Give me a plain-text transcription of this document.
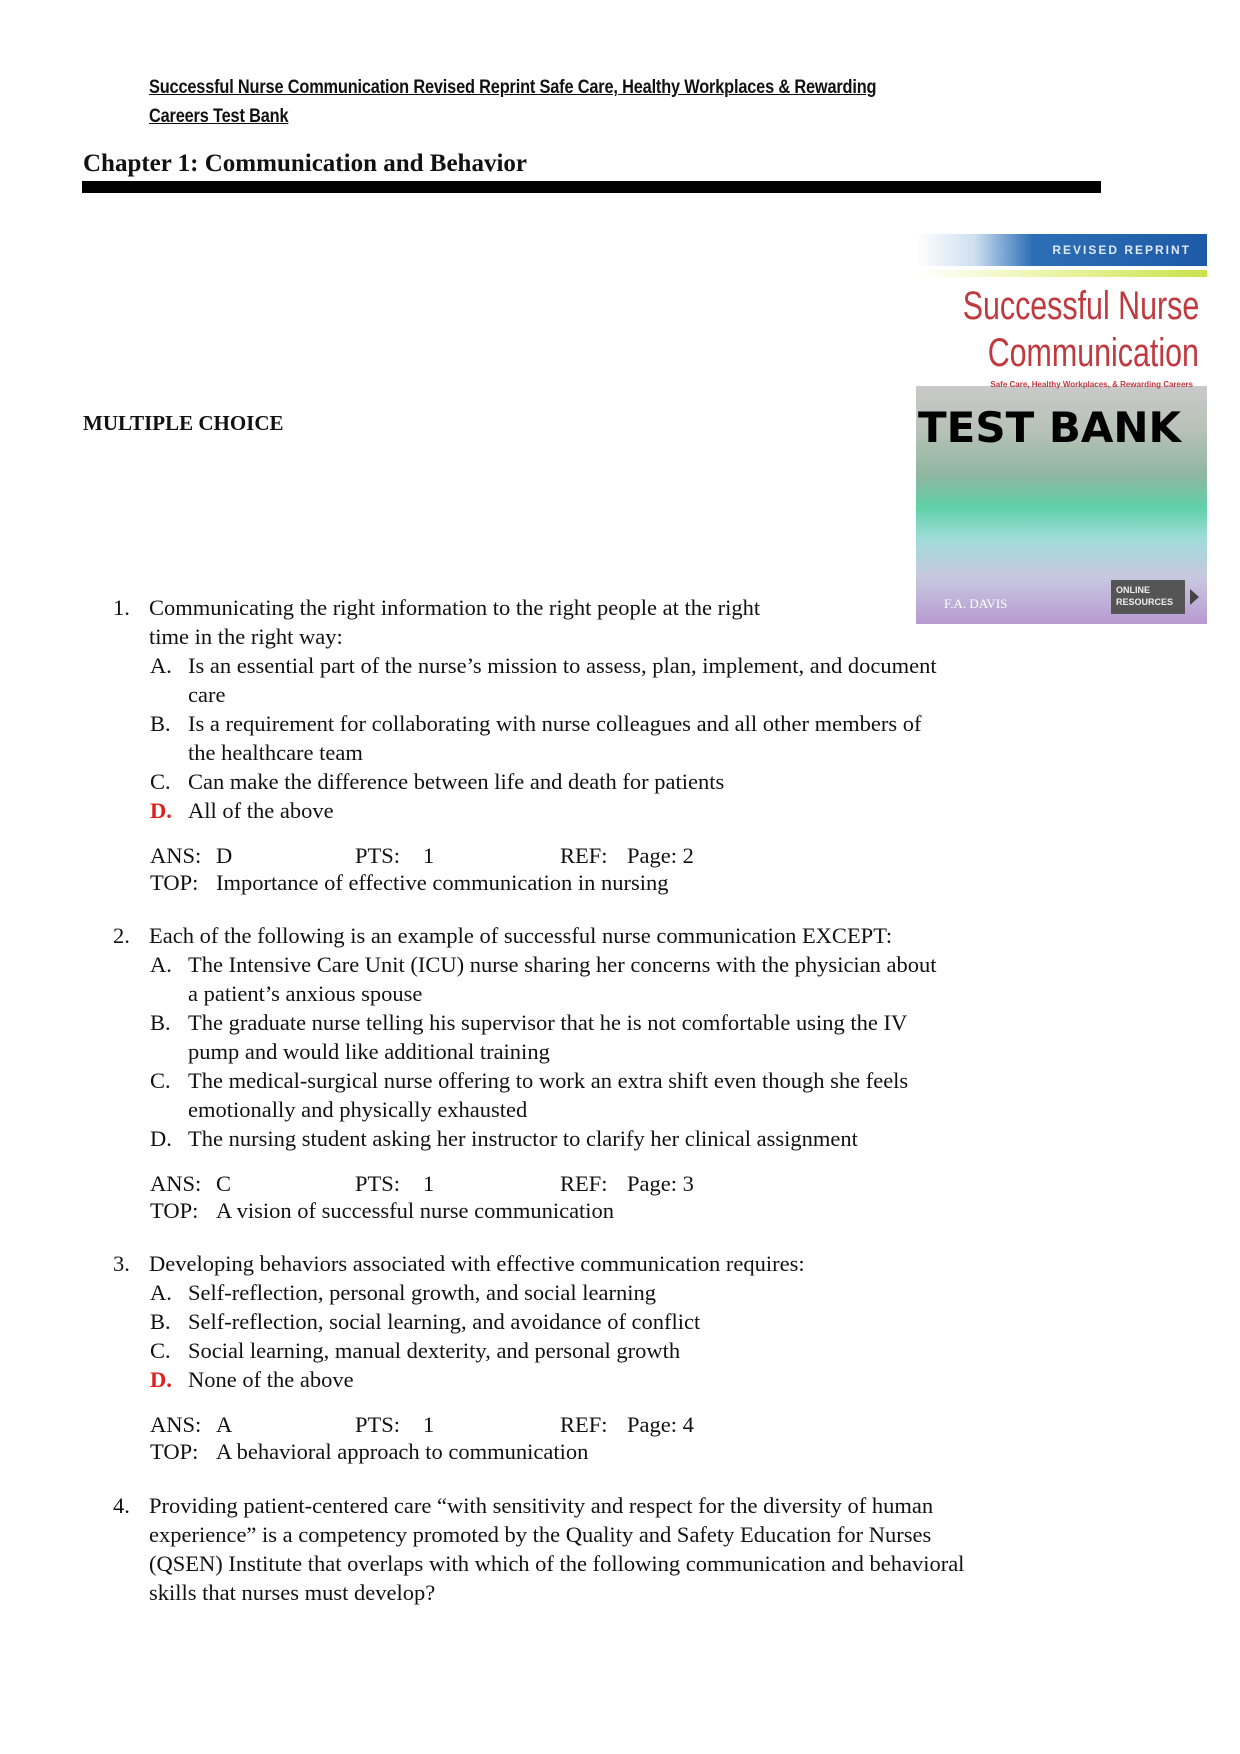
Successful Nurse Communication Revised Reprint Safe Care, Healthy Workplaces & Rewarding
Careers Test Bank
Chapter 1: Communication and Behavior
MULTIPLE CHOICE
REVISED REPRINT
Successful Nurse
Communication
Safe Care, Healthy Workplaces, & Rewarding Careers
TEST BANK
F.A. DAVIS
ONLINE RESOURCES
1. Communicating the right information to the right people at the right
time in the right way:
A. Is an essential part of the nurse’s mission to assess, plan, implement, and document
care
B. Is a requirement for collaborating with nurse colleagues and all other members of
the healthcare team
C. Can make the difference between life and death for patients
D. All of the above
ANS: D	PTS: 1	REF: Page: 2
TOP: Importance of effective communication in nursing
2. Each of the following is an example of successful nurse communication EXCEPT:
A. The Intensive Care Unit (ICU) nurse sharing her concerns with the physician about
a patient’s anxious spouse
B. The graduate nurse telling his supervisor that he is not comfortable using the IV
pump and would like additional training
C. The medical-surgical nurse offering to work an extra shift even though she feels
emotionally and physically exhausted
D. The nursing student asking her instructor to clarify her clinical assignment
ANS: C	PTS: 1	REF: Page: 3
TOP: A vision of successful nurse communication
3. Developing behaviors associated with effective communication requires:
A. Self-reflection, personal growth, and social learning
B. Self-reflection, social learning, and avoidance of conflict
C. Social learning, manual dexterity, and personal growth
D. None of the above
ANS: A	PTS: 1	REF: Page: 4
TOP: A behavioral approach to communication
4. Providing patient-centered care “with sensitivity and respect for the diversity of human
experience” is a competency promoted by the Quality and Safety Education for Nurses
(QSEN) Institute that overlaps with which of the following communication and behavioral
skills that nurses must develop?
